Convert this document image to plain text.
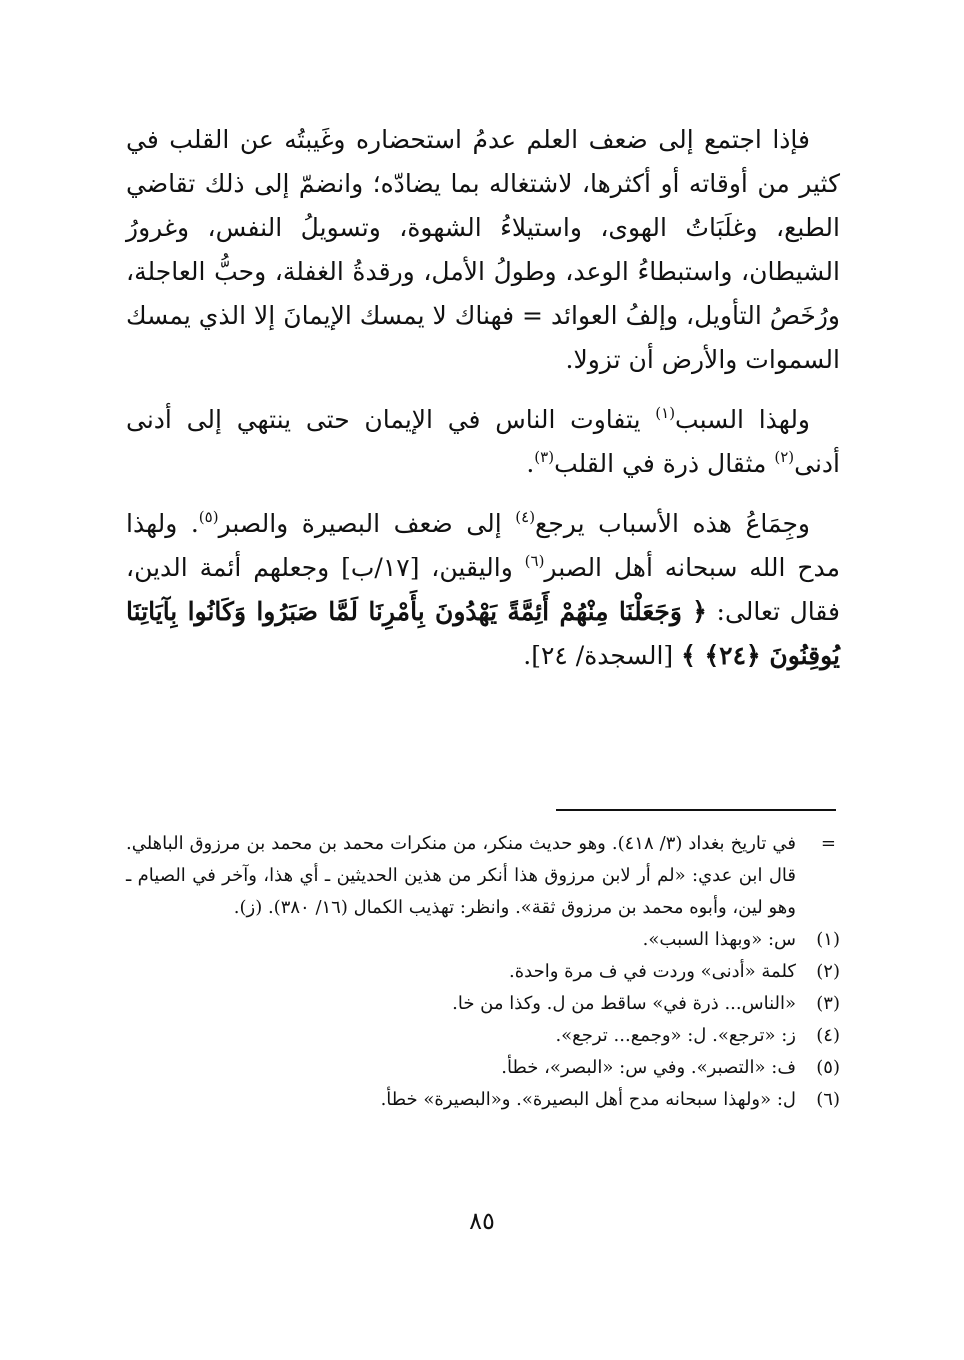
فإذا اجتمع إلى ضعف العلم عدمُ استحضاره وغَيبتُه عن القلب في كثير من أوقاته أو أكثرها، لاشتغاله بما يضادّه؛ وانضمّ إلى ذلك تقاضي الطبع، وغلَبَاتُ الهوى، واستيلاءُ الشهوة، وتسويلُ النفس، وغرورُ الشيطان، واستبطاءُ الوعد، وطولُ الأمل، ورقدةُ الغفلة، وحبُّ العاجلة، ورُخَصُ التأويل، وإلفُ العوائد = فهناك لا يمسك الإيمانَ إلا الذي يمسك السموات والأرض أن تزولا.

ولهذا السبب$^{(١)}$ يتفاوت الناس في الإيمان حتى ينتهي إلى أدنى أدنى$^{(٢)}$ مثقال ذرة في القلب$^{(٣)}$.

وجِمَاعُ هذه الأسباب يرجع$^{(٤)}$ إلى ضعف البصيرة والصبر$^{(٥)}$. ولهذا مدح الله سبحانه أهل الصبر$^{(٦)}$ واليقين، [١٧/ب] وجعلهم أئمة الدين، فقال تعالى: ﴿ وَجَعَلْنَا مِنْهُمْ أَئِمَّةً يَهْدُونَ بِأَمْرِنَا لَمَّا صَبَرُوا وَكَانُوا بِآيَاتِنَا يُوقِنُونَ ﴿٢٤﴾ ﴾ [السجدة/ ٢٤].

=
في تاريخ بغداد (٣/ ٤١٨). وهو حديث منكر، من منكرات محمد بن محمد بن مرزوق الباهلي. قال ابن عدي: «لم أر لابن مرزوق هذا أنكر من هذين الحديثين ـ أي هذا، وآخر في الصيام ـ وهو لين، وأبوه محمد بن مرزوق ثقة». وانظر: تهذيب الكمال (١٦/ ٣٨٠). (ز).
(١)
س: «وبهذا السبب».
(٢)
كلمة «أدنى» وردت في ف مرة واحدة.
(٣)
«الناس... ذرة في» ساقط من ل. وكذا من خا.
(٤)
ز: «ترجع». ل: «وجمع... ترجع».
(٥)
ف: «التصبر». وفي س: «البصر»، خطأ.
(٦)
ل: «ولهذا سبحانه مدح أهل البصيرة». و«البصيرة» خطأ.
٨٥
